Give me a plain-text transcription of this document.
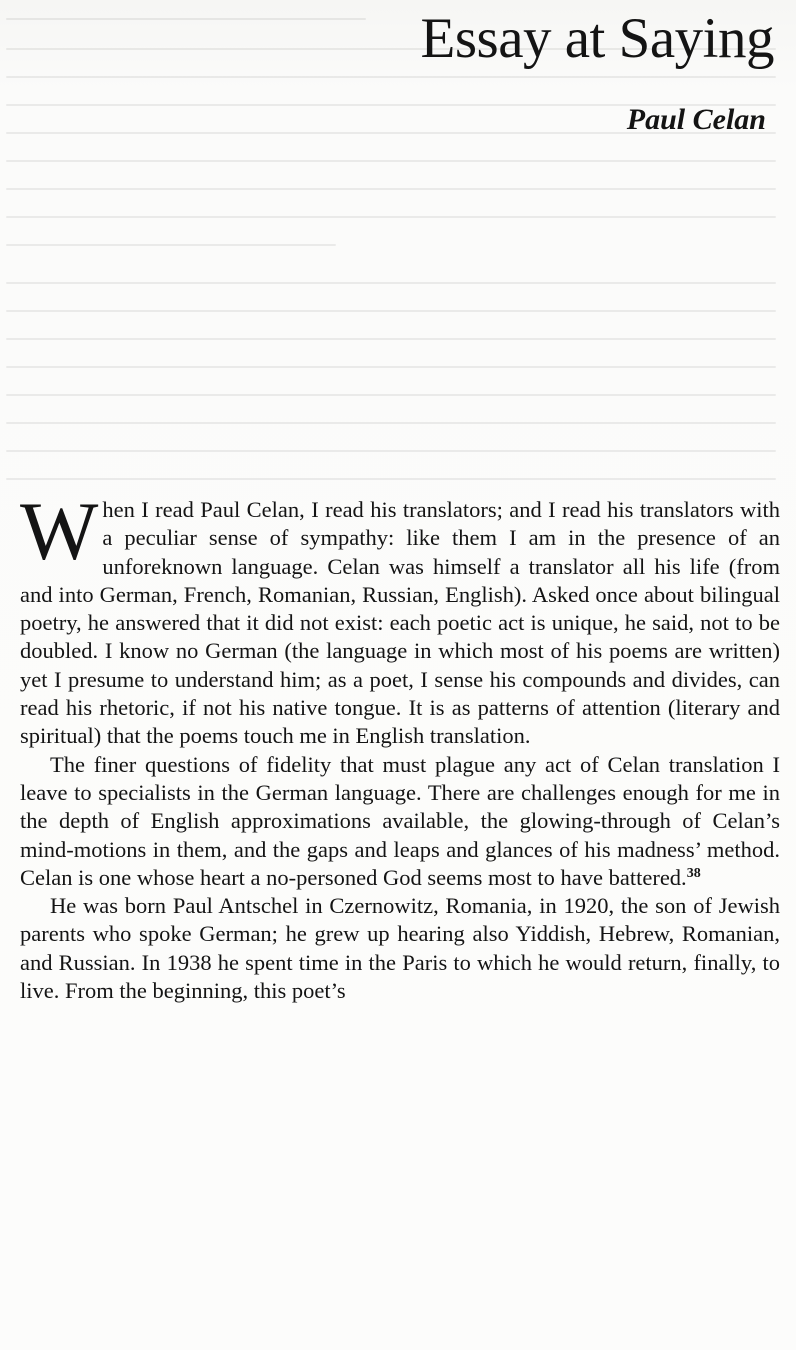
Essay at Saying
Paul Celan

When I read Paul Celan, I read his translators; and I read his translators with a peculiar sense of sympathy: like them I am in the presence of an unforeknown language. Celan was himself a translator all his life (from and into German, French, Romanian, Russian, English). Asked once about bilingual poetry, he answered that it did not exist: each poetic act is unique, he said, not to be doubled. I know no German (the language in which most of his poems are written) yet I presume to understand him; as a poet, I sense his compounds and divides, can read his rhetoric, if not his native tongue. It is as patterns of attention (literary and spiritual) that the poems touch me in English translation.

The finer questions of fidelity that must plague any act of Celan translation I leave to specialists in the German language. There are challenges enough for me in the depth of English approximations available, the glowing-through of Celan’s mind-motions in them, and the gaps and leaps and glances of his madness’ method. Celan is one whose heart a no-personed God seems most to have battered.$^{38}$

He was born Paul Antschel in Czernowitz, Romania, in 1920, the son of Jewish parents who spoke German; he grew up hearing also Yiddish, Hebrew, Romanian, and Russian. In 1938 he spent time in the Paris to which he would return, finally, to live. From the beginning, this poet’s
